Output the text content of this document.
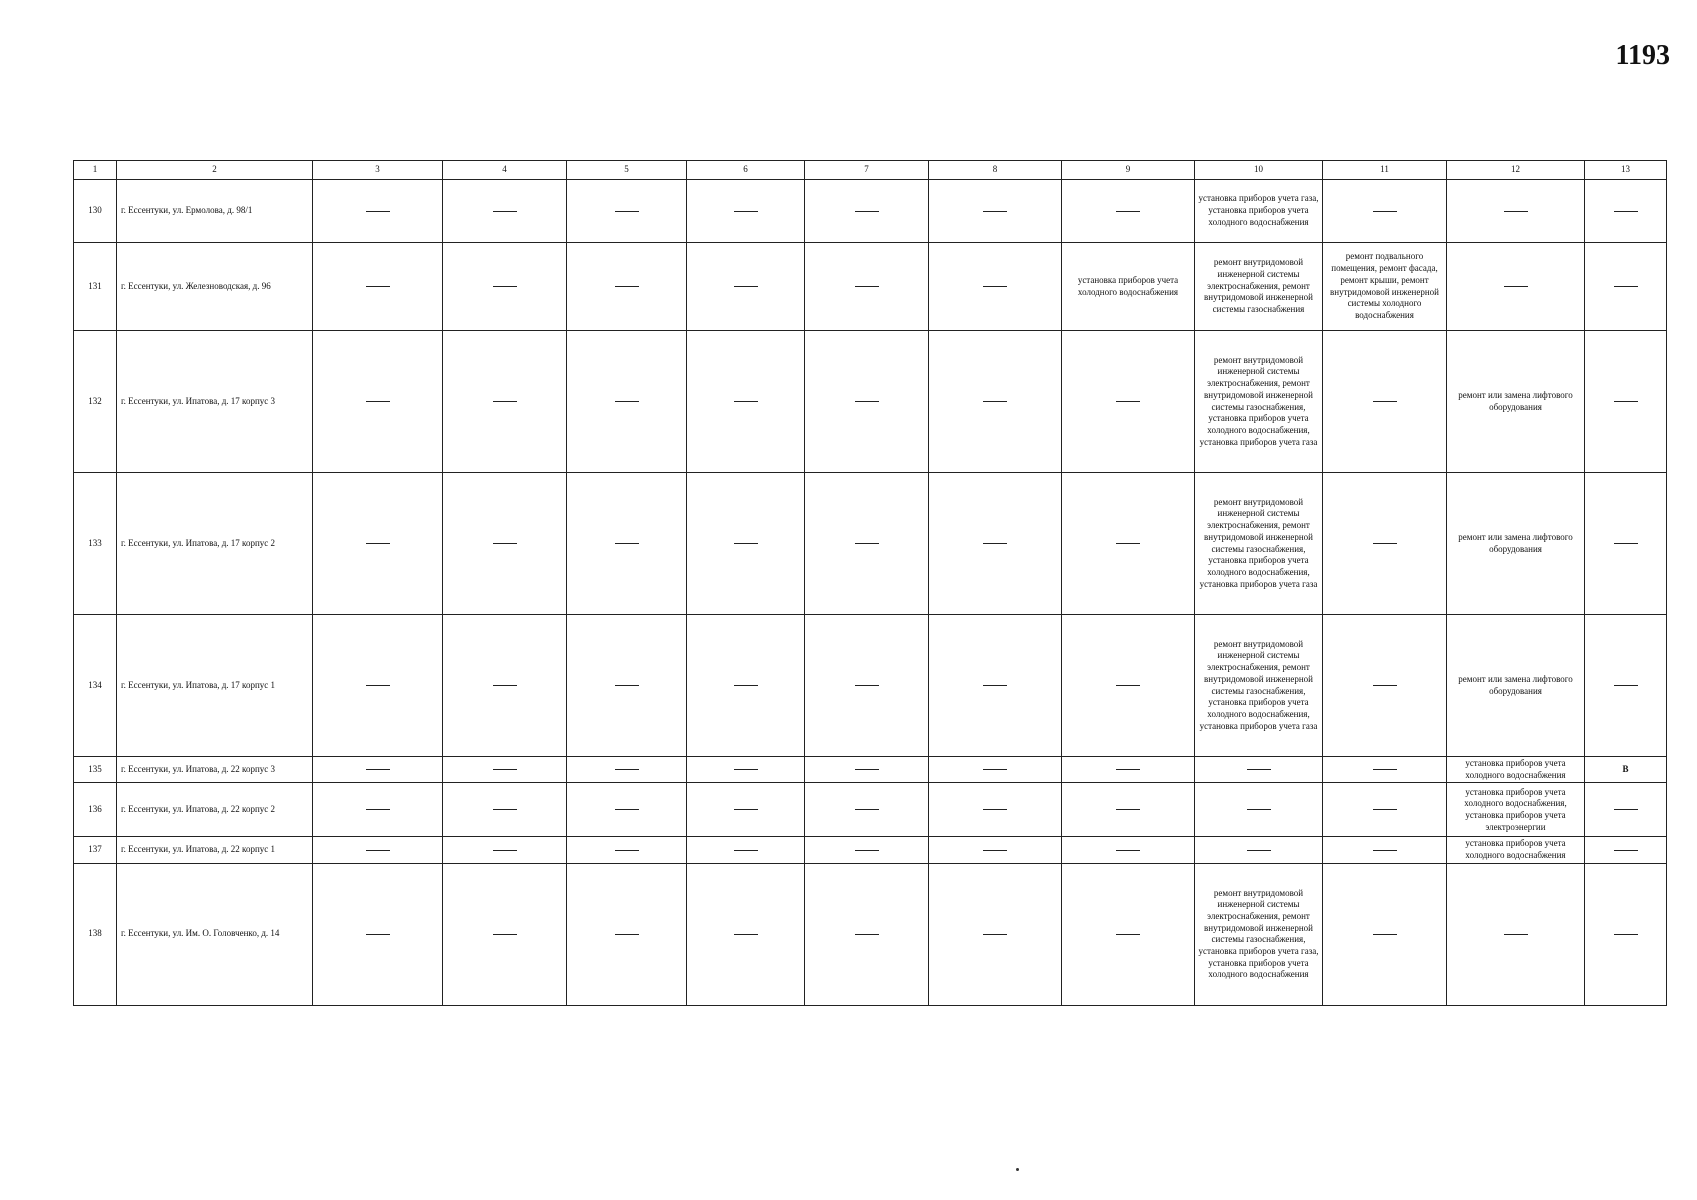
1193
1	2	3	4	5	6	7	8	9	10	11	12	13
130	г. Ессентуки, ул. Ермолова, д. 98/1								установка приборов учета газа, установка приборов учета холодного водоснабжения			
131	г. Ессентуки, ул. Железноводская, д. 96							установка приборов учета холодного водоснабжения	ремонт внутридомовой инженерной системы электроснабжения, ремонт внутридомовой инженерной системы газоснабжения	ремонт подвального помещения, ремонт фасада, ремонт крыши, ремонт внутридомовой инженерной системы холодного водоснабжения		
132	г. Ессентуки, ул. Ипатова, д. 17 корпус 3								ремонт внутридомовой инженерной системы электроснабжения, ремонт внутридомовой инженерной системы газоснабжения, установка приборов учета холодного водоснабжения, установка приборов учета газа		ремонт или замена лифтового оборудования	
133	г. Ессентуки, ул. Ипатова, д. 17 корпус 2								ремонт внутридомовой инженерной системы электроснабжения, ремонт внутридомовой инженерной системы газоснабжения, установка приборов учета холодного водоснабжения, установка приборов учета газа		ремонт или замена лифтового оборудования	
134	г. Ессентуки, ул. Ипатова, д. 17 корпус 1								ремонт внутридомовой инженерной системы электроснабжения, ремонт внутридомовой инженерной системы газоснабжения, установка приборов учета холодного водоснабжения, установка приборов учета газа		ремонт или замена лифтового оборудования	
135	г. Ессентуки, ул. Ипатова, д. 22 корпус 3										установка приборов учета холодного водоснабжения	В
136	г. Ессентуки, ул. Ипатова, д. 22 корпус 2										установка приборов учета холодного водоснабжения, установка приборов учета электроэнергии	
137	г. Ессентуки, ул. Ипатова, д. 22 корпус 1										установка приборов учета холодного водоснабжения	
138	г. Ессентуки, ул. Им. О. Головченко, д. 14								ремонт внутридомовой инженерной системы электроснабжения, ремонт внутридомовой инженерной системы газоснабжения, установка приборов учета газа, установка приборов учета холодного водоснабжения			
